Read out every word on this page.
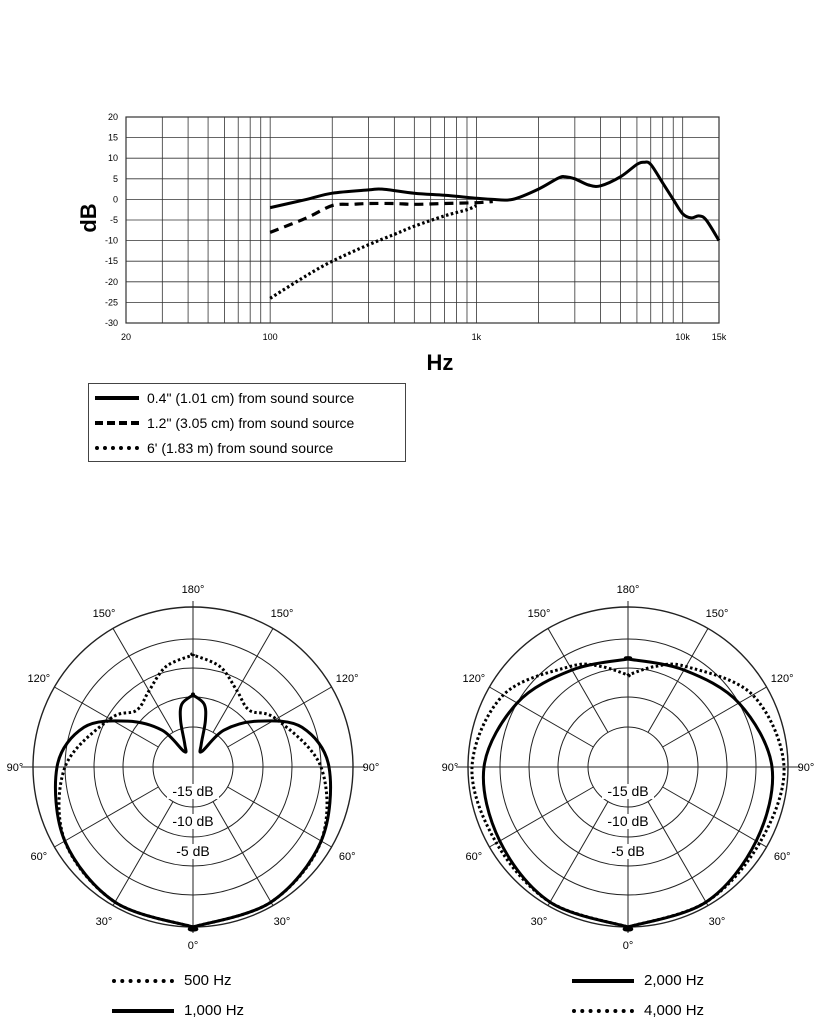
20
15
10
5
0
-5
-10
-15
-20
-25
-30
20	100	1k	10k 15k
Hz
dB
180°
150°	150°
120°	120°
90°	90°
60°	60°
30°	30°
0°
-15 dB
-10 dB
-5 dB
180°
150°	150°
120°	120°
90°	90°
60°	60°
30°	30°
0°
-15 dB
-10 dB
-5 dB
0.4" (1.01 cm) from sound source
1.2" (3.05 cm) from sound source
6' (1.83 m) from sound source
500 Hz
1,000 Hz
2,000 Hz
4,000 Hz
